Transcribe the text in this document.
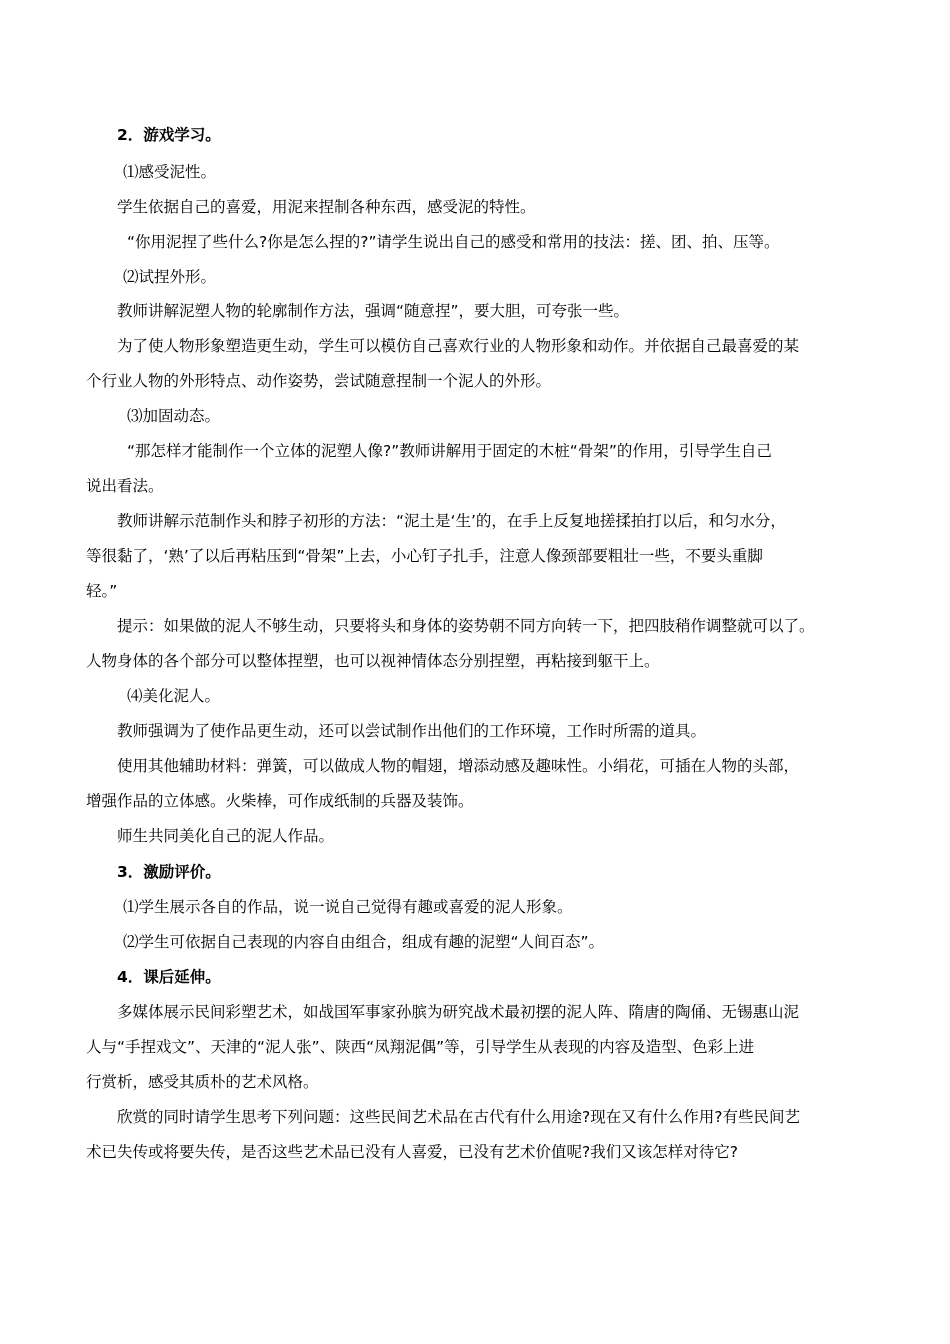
2．游戏学习。
⑴感受泥性。
学生依据自己的喜爱，用泥来捏制各种东西，感受泥的特性。
“你用泥捏了些什么?你是怎么捏的?”请学生说出自己的感受和常用的技法：搓、团、拍、压等。
⑵试捏外形。
教师讲解泥塑人物的轮廓制作方法，强调“随意捏”，要大胆，可夸张一些。
为了使人物形象塑造更生动，学生可以模仿自己喜欢行业的人物形象和动作。并依据自己最喜爱的某
个行业人物的外形特点、动作姿势，尝试随意捏制一个泥人的外形。
⑶加固动态。
“那怎样才能制作一个立体的泥塑人像?”教师讲解用于固定的木桩“骨架”的作用，引导学生自己
说出看法。
教师讲解示范制作头和脖子初形的方法：“泥土是‘生’的，在手上反复地搓揉拍打以后，和匀水分，
等很黏了，‘熟’了以后再粘压到“骨架”上去，小心钉子扎手，注意人像颈部要粗壮一些，不要头重脚
轻。”
提示：如果做的泥人不够生动，只要将头和身体的姿势朝不同方向转一下，把四肢稍作调整就可以了。
人物身体的各个部分可以整体捏塑，也可以视神情体态分别捏塑，再粘接到躯干上。
⑷美化泥人。
教师强调为了使作品更生动，还可以尝试制作出他们的工作环境，工作时所需的道具。
使用其他辅助材料：弹簧，可以做成人物的帽翅，增添动感及趣味性。小绢花，可插在人物的头部，
增强作品的立体感。火柴棒，可作成纸制的兵器及装饰。
师生共同美化自己的泥人作品。
3．激励评价。
⑴学生展示各自的作品，说一说自己觉得有趣或喜爱的泥人形象。
⑵学生可依据自己表现的内容自由组合，组成有趣的泥塑“人间百态”。
4．课后延伸。
多媒体展示民间彩塑艺术，如战国军事家孙膑为研究战术最初摆的泥人阵、隋唐的陶俑、无锡惠山泥
人与“手捏戏文”、天津的“泥人张”、陕西“凤翔泥偶”等，引导学生从表现的内容及造型、色彩上进
行赏析，感受其质朴的艺术风格。
欣赏的同时请学生思考下列问题：这些民间艺术品在古代有什么用途?现在又有什么作用?有些民间艺
术已失传或将要失传，是否这些艺术品已没有人喜爱，已没有艺术价值呢?我们又该怎样对待它?
